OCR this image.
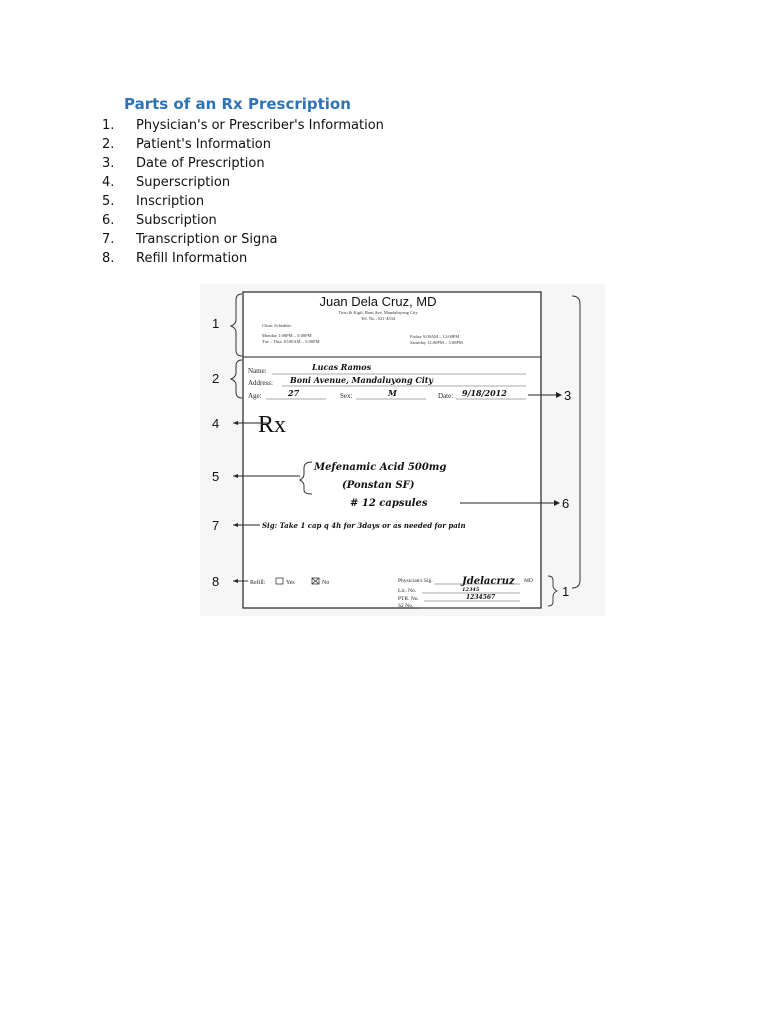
Parts of an Rx Prescription
1.	Physician's or Prescriber's Information
2.	Patient's Information
3.	Date of Prescription
4.	Superscription
5.	Inscription
6.	Subscription
7.	Transcription or Signa
8.	Refill Information
Juan Dela Cruz, MD
Tirso & Kigil, Boni Ave, Mandaluyong City
Tel. No.: 521-4534
Clinic Schedule:
Monday 1:00PM – 5:00PM
Tue – Thur 10:00AM – 5:00PM
Friday 9:00AM – 12:00PM
Saturday 12:00PM – 3:00PM
Name:	Lucas Ramos
Address: Boni Avenue, Mandaluyong City
Age:	27	Sex:	M	Date: 9/18/2012
Rx
Mefenamic Acid 500mg
(Ponstan SF)
# 12 capsules
Sig: Take 1 cap q 4h for 3days or as needed for pain
Refill:	Yes	No	Physician's Sig.	Jdelacruz MD
Lic. No.	12345
PTR. No.	1234567
S2 No.
1
2
3
4
5
6
7
8
1
